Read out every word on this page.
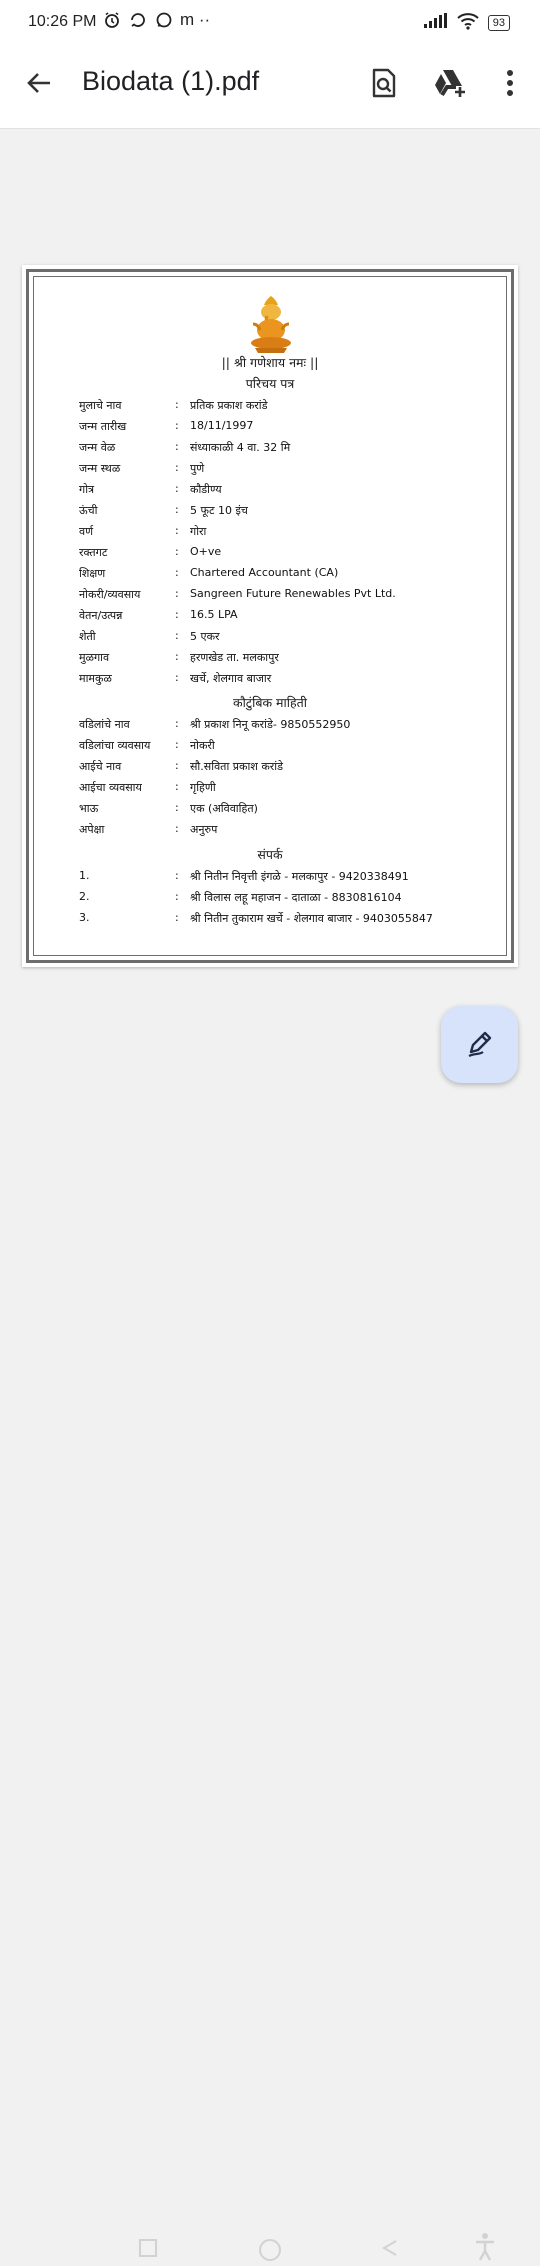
10:26 PM	m ··	93
Biodata (1).pdf
|| श्री गणेशाय नमः ||
परिचय पत्र
मुलाचे नाव	: प्रतिक प्रकाश करांडे
जन्म तारीख	: 18/11/1997
जन्म वेळ	: संध्याकाळी 4 वा. 32 मि
जन्म स्थळ	: पुणे
गोत्र	: कौडीण्य
ऊंची	: 5 फूट 10 इंच
वर्ण	: गोरा
रक्तगट	: O+ve
शिक्षण	: Chartered Accountant (CA)
नोकरी/व्यवसाय	: Sangreen Future Renewables Pvt Ltd.
वेतन/उत्पन्न	: 16.5 LPA
शेती	: 5 एकर
मुळगाव	: हरणखेड ता. मलकापुर
मामकुळ	: खर्चे, शेलगाव बाजार
कौटुंबिक माहिती
वडिलांचे नाव	: श्री प्रकाश निनू करांडे- 9850552950
वडिलांचा व्यवसाय : नोकरी
आईचे नाव	: सौ.सविता प्रकाश करांडे
आईचा व्यवसाय	: गृहिणी
भाऊ	: एक (अविवाहित)
अपेक्षा	: अनुरुप
संपर्क
1.	: श्री नितीन निवृत्ती इंगळे - मलकापुर - 9420338491
2.	: श्री विलास लहू महाजन - दाताळा - 8830816104
3.	: श्री नितीन तुकाराम खर्चे - शेलगाव बाजार - 9403055847
